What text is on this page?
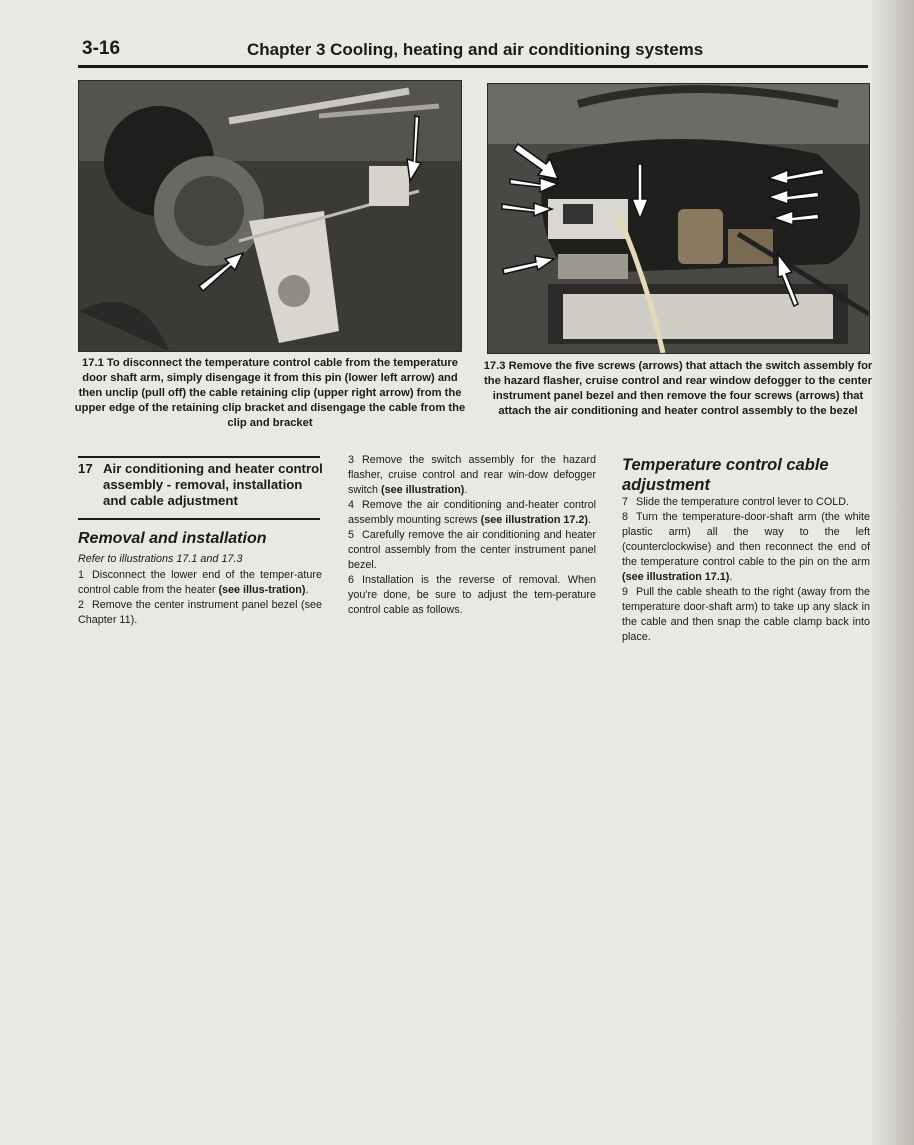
3-16	Chapter 3 Cooling, heating and air conditioning systems
17.1 To disconnect the temperature control cable from the temperature door shaft arm, simply disengage it from this pin (lower left arrow) and then unclip (pull off) the cable retaining clip (upper right arrow) from the upper edge of the retaining clip bracket and disengage the cable from the clip and bracket
17.3 Remove the five screws (arrows) that attach the switch assembly for the hazard flasher, cruise control and rear window defogger to the center instrument panel bezel and then remove the four screws (arrows) that attach the air conditioning and heater control assembly to the bezel
17 Air conditioning and heater control assembly - removal, installation and cable adjustment
Removal and installation
Refer to illustrations 17.1 and 17.3

1 Disconnect the lower end of the temper-ature control cable from the heater (see illus-tration).

2 Remove the center instrument panel bezel (see Chapter 11).

3 Remove the switch assembly for the hazard flasher, cruise control and rear win-dow defogger switch (see illustration).

4 Remove the air conditioning and-heater control assembly mounting screws (see illustration 17.2).

5 Carefully remove the air conditioning and heater control assembly from the center instrument panel bezel.

6 Installation is the reverse of removal. When you're done, be sure to adjust the tem-perature control cable as follows.

Temperature control cable adjustment

7 Slide the temperature control lever to COLD.

8 Turn the temperature-door-shaft arm (the white plastic arm) all the way to the left (counterclockwise) and then reconnect the end of the temperature control cable to the pin on the arm (see illustration 17.1).

9 Pull the cable sheath to the right (away from the temperature door-shaft arm) to take up any slack in the cable and then snap the cable clamp back into place.
